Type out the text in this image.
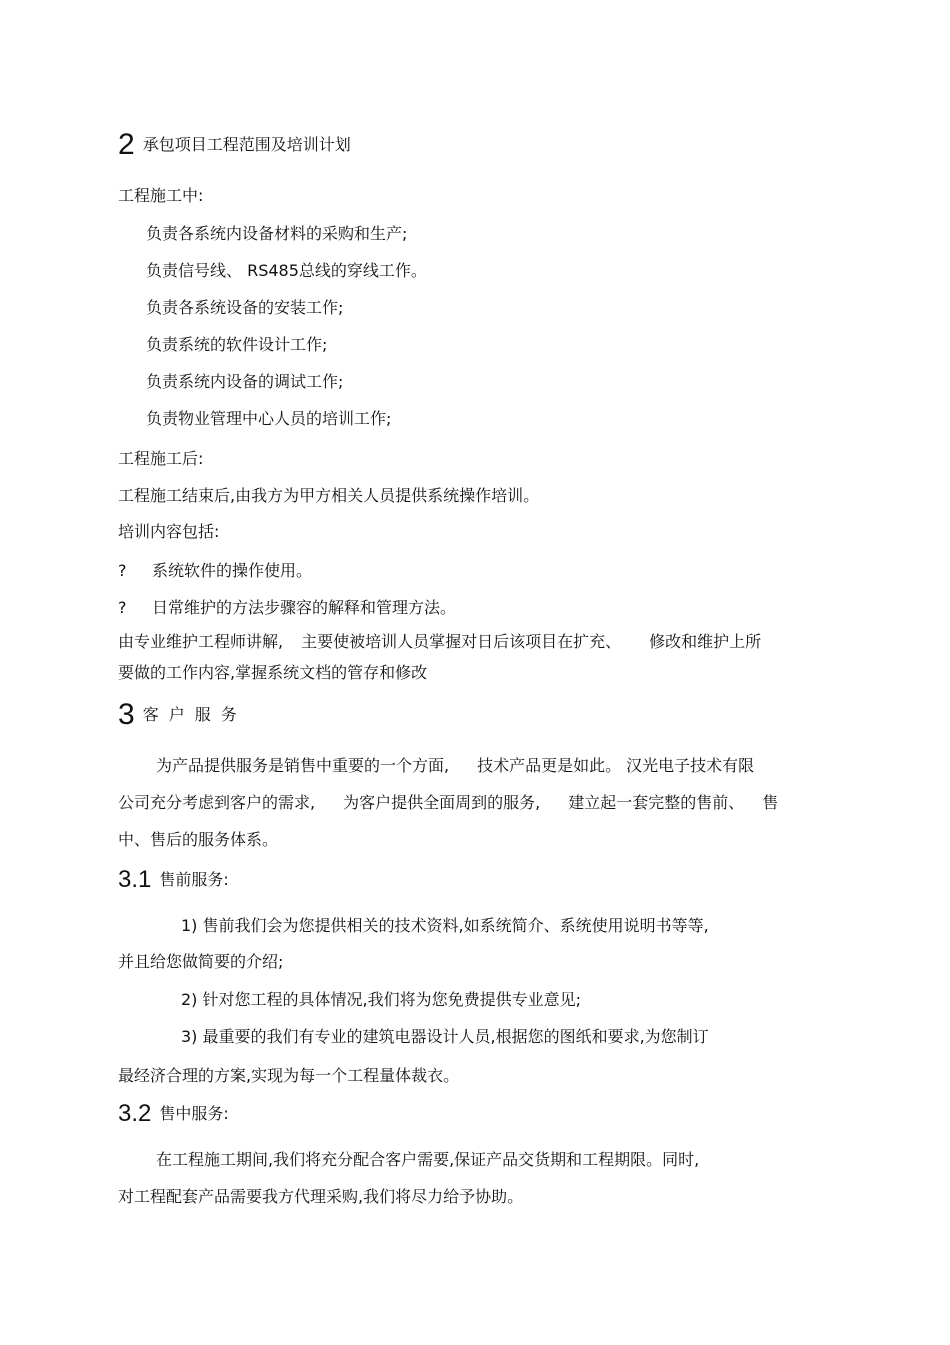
2 承包项目工程范围及培训计划
工程施工中:
负责各系统内设备材料的采购和生产;
负责信号线、 RS485总线的穿线工作。
负责各系统设备的安装工作;
负责系统的软件设计工作;
负责系统内设备的调试工作;
负责物业管理中心人员的培训工作;
工程施工后:
工程施工结束后,由我方为甲方相关人员提供系统操作培训。
培训内容包括:
? 系统软件的操作使用。
? 日常维护的方法步骤容的解释和管理方法。
由专业维护工程师讲解, 主要使被培训人员掌握对日后该项目在扩充、 修改和维护上所
要做的工作内容,掌握系统文档的管存和修改
3 客户服务
为产品提供服务是销售中重要的一个方面, 技术产品更是如此。 汉光电子技术有限
公司充分考虑到客户的需求, 为客户提供全面周到的服务, 建立起一套完整的售前、 售
中、售后的服务体系。
3.1 售前服务:
1) 售前我们会为您提供相关的技术资料,如系统简介、系统使用说明书等等,
并且给您做简要的介绍;
2) 针对您工程的具体情况,我们将为您免费提供专业意见;
3) 最重要的我们有专业的建筑电器设计人员,根据您的图纸和要求,为您制订
最经济合理的方案,实现为每一个工程量体裁衣。
3.2 售中服务:
在工程施工期间,我们将充分配合客户需要,保证产品交货期和工程期限。同时,
对工程配套产品需要我方代理采购,我们将尽力给予协助。
